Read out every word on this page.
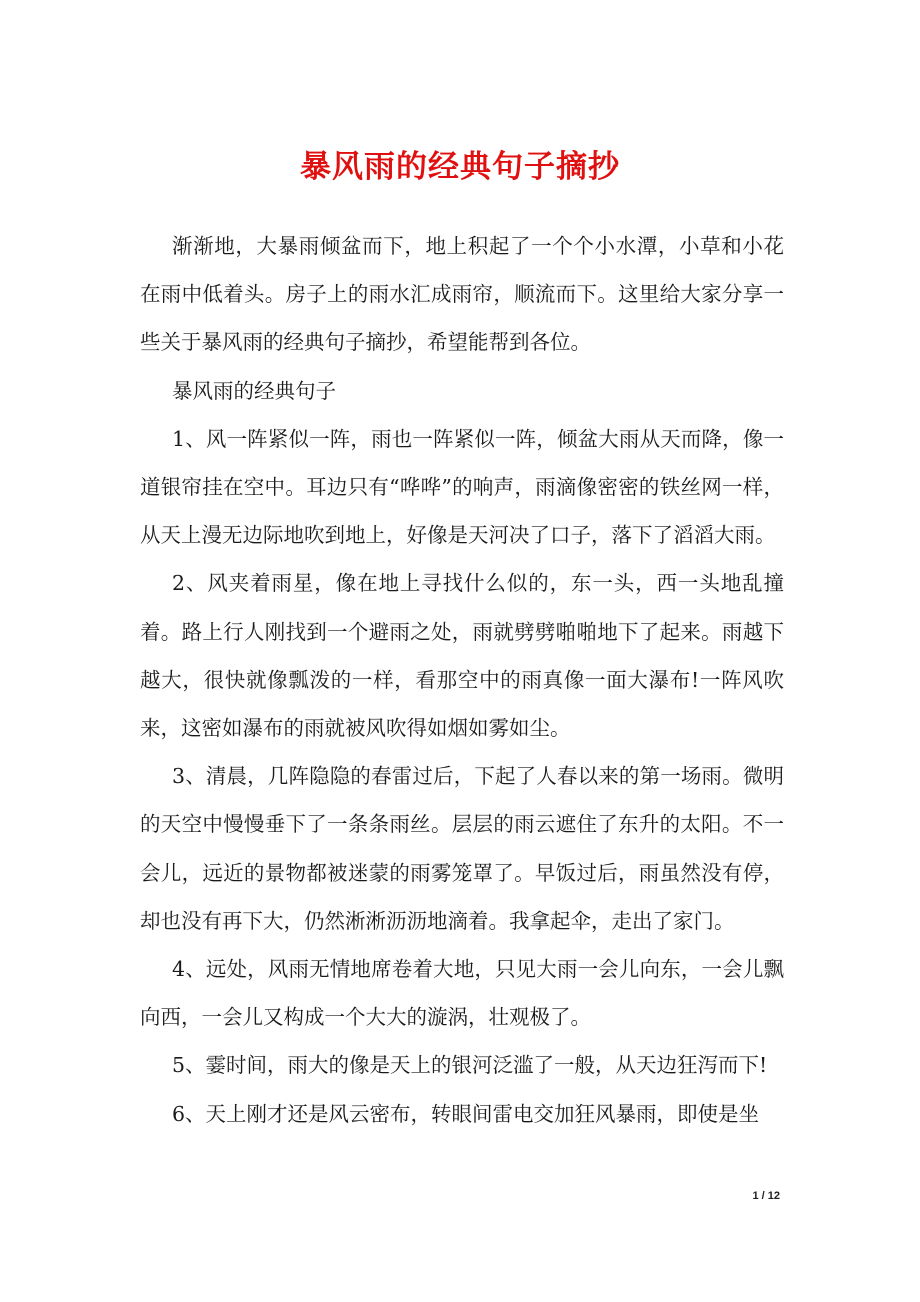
暴风雨的经典句子摘抄

渐渐地，大暴雨倾盆而下，地上积起了一个个小水潭，小草和小花在雨中低着头。房子上的雨水汇成雨帘，顺流而下。这里给大家分享一些关于暴风雨的经典句子摘抄，希望能帮到各位。

暴风雨的经典句子

1、风一阵紧似一阵，雨也一阵紧似一阵，倾盆大雨从天而降，像一道银帘挂在空中。耳边只有“哗哗”的响声，雨滴像密密的铁丝网一样，从天上漫无边际地吹到地上，好像是天河决了口子，落下了滔滔大雨。

2、风夹着雨星，像在地上寻找什么似的，东一头，西一头地乱撞着。路上行人刚找到一个避雨之处，雨就劈劈啪啪地下了起来。雨越下越大，很快就像瓢泼的一样，看那空中的雨真像一面大瀑布!一阵风吹来，这密如瀑布的雨就被风吹得如烟如雾如尘。

3、清晨，几阵隐隐的春雷过后，下起了人春以来的第一场雨。微明的天空中慢慢垂下了一条条雨丝。层层的雨云遮住了东升的太阳。不一会儿，远近的景物都被迷蒙的雨雾笼罩了。早饭过后，雨虽然没有停，却也没有再下大，仍然淅淅沥沥地滴着。我拿起伞，走出了家门。

4、远处，风雨无情地席卷着大地，只见大雨一会儿向东，一会儿飘向西，一会儿又构成一个大大的漩涡，壮观极了。

5、霎时间，雨大的像是天上的银河泛滥了一般，从天边狂泻而下!

6、天上刚才还是风云密布，转眼间雷电交加狂风暴雨，即使是坐

1 / 12
